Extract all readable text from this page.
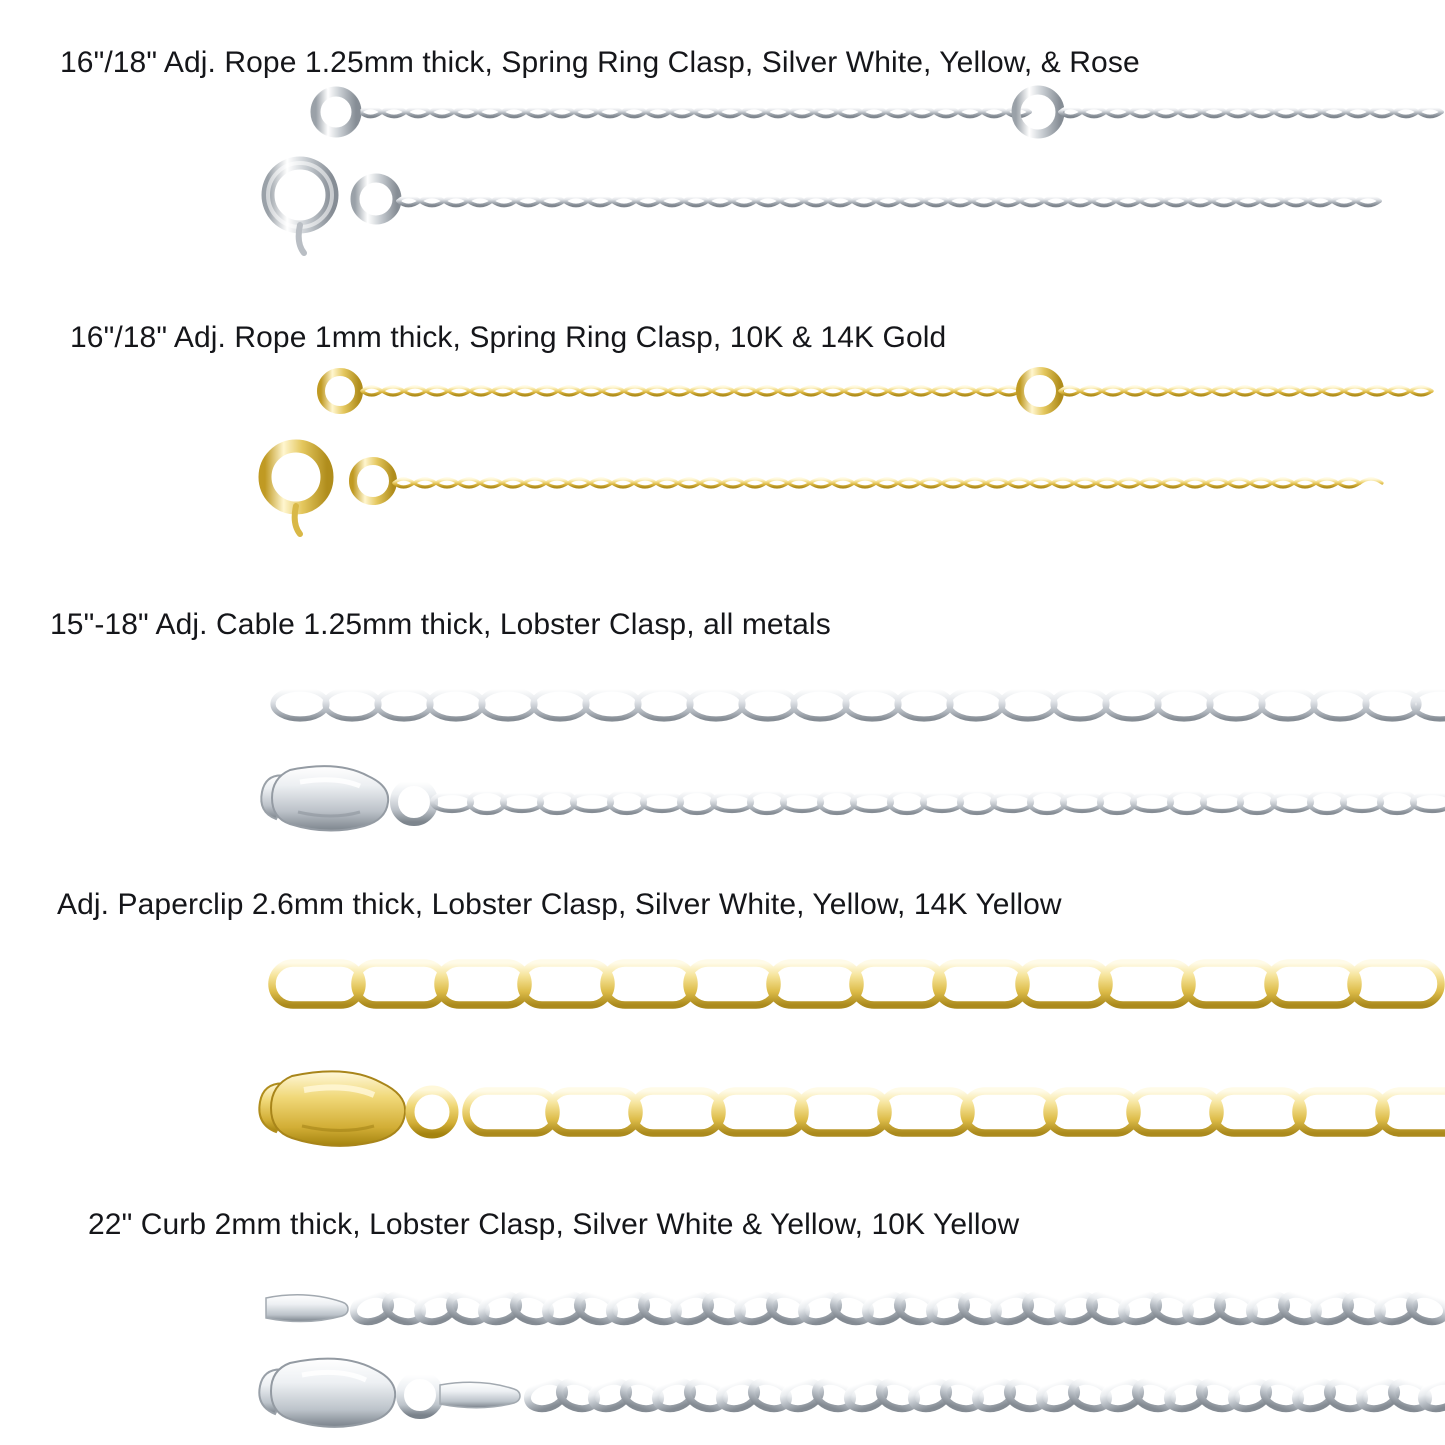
16"/18" Adj. Rope 1.25mm thick, Spring Ring Clasp, Silver White, Yellow, & Rose
16"/18" Adj. Rope 1mm thick, Spring Ring Clasp, 10K & 14K Gold
15"-18" Adj. Cable 1.25mm thick, Lobster Clasp, all metals
Adj. Paperclip 2.6mm thick, Lobster Clasp, Silver White, Yellow, 14K Yellow
22" Curb 2mm thick, Lobster Clasp, Silver White & Yellow, 10K Yellow
